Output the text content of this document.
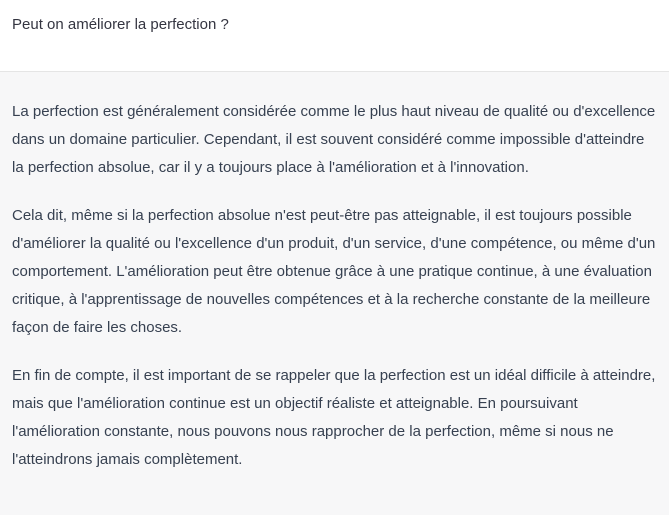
Peut on améliorer la perfection ?

La perfection est généralement considérée comme le plus haut niveau de qualité ou d'excellence dans un domaine particulier. Cependant, il est souvent considéré comme impossible d'atteindre la perfection absolue, car il y a toujours place à l'amélioration et à l'innovation.

Cela dit, même si la perfection absolue n'est peut-être pas atteignable, il est toujours possible d'améliorer la qualité ou l'excellence d'un produit, d'un service, d'une compétence, ou même d'un comportement. L'amélioration peut être obtenue grâce à une pratique continue, à une évaluation critique, à l'apprentissage de nouvelles compétences et à la recherche constante de la meilleure façon de faire les choses.

En fin de compte, il est important de se rappeler que la perfection est un idéal difficile à atteindre, mais que l'amélioration continue est un objectif réaliste et atteignable. En poursuivant l'amélioration constante, nous pouvons nous rapprocher de la perfection, même si nous ne l'atteindrons jamais complètement.
